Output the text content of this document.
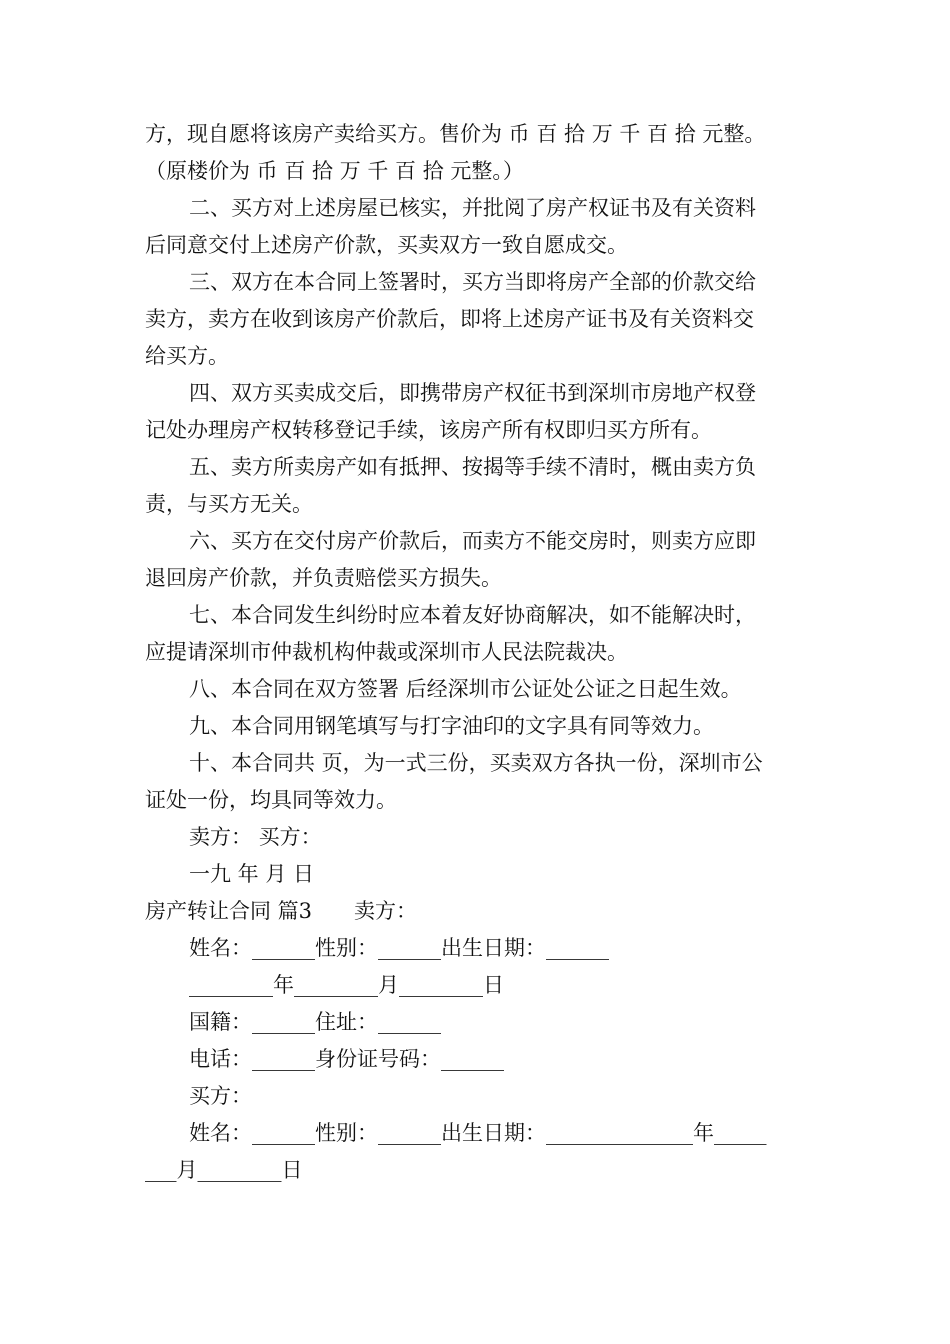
方，现自愿将该房产卖给买方。售价为 币 百 拾 万 千 百 拾 元整。
（原楼价为 币 百 拾 万 千 百 拾 元整。）
二、买方对上述房屋已核实，并批阅了房产权证书及有关资料
后同意交付上述房产价款，买卖双方一致自愿成交。
三、双方在本合同上签署时，买方当即将房产全部的价款交给
卖方，卖方在收到该房产价款后，即将上述房产证书及有关资料交
给买方。
四、双方买卖成交后，即携带房产权征书到深圳市房地产权登
记处办理房产权转移登记手续，该房产所有权即归买方所有。
五、卖方所卖房产如有抵押、按揭等手续不清时，概由卖方负
责，与买方无关。
六、买方在交付房产价款后，而卖方不能交房时，则卖方应即
退回房产价款，并负责赔偿买方损失。
七、本合同发生纠纷时应本着友好协商解决，如不能解决时，
应提请深圳市仲裁机构仲裁或深圳市人民法院裁决。
八、本合同在双方签署 后经深圳市公证处公证之日起生效。
九、本合同用钢笔填写与打字油印的文字具有同等效力。
十、本合同共 页，为一式三份，买卖双方各执一份，深圳市公
证处一份，均具同等效力。
卖方： 买方：
一九 年 月 日
房产转让合同 篇3　　卖方：
姓名：______性别：______出生日期：______
________年________月________日
国籍：______住址：______
电话：______身份证号码：______
买方：
姓名：______性别：______出生日期：______________年_____
___月________日
